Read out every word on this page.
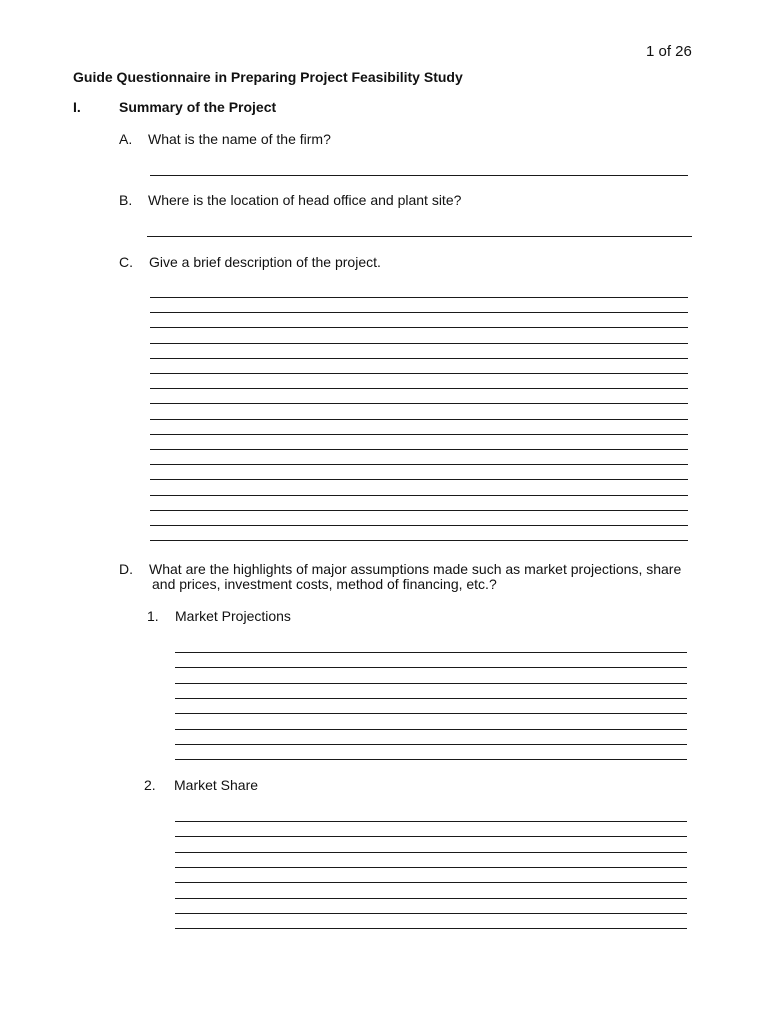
1 of 26
Guide Questionnaire in Preparing Project Feasibility Study
I.	Summary of the Project
A. What is the name of the firm?
B. Where is the location of head office and plant site?
C. Give a brief description of the project.
D. What are the highlights of major assumptions made such as market projections, share
and prices, investment costs, method of financing, etc.?
1. Market Projections
2. Market Share
